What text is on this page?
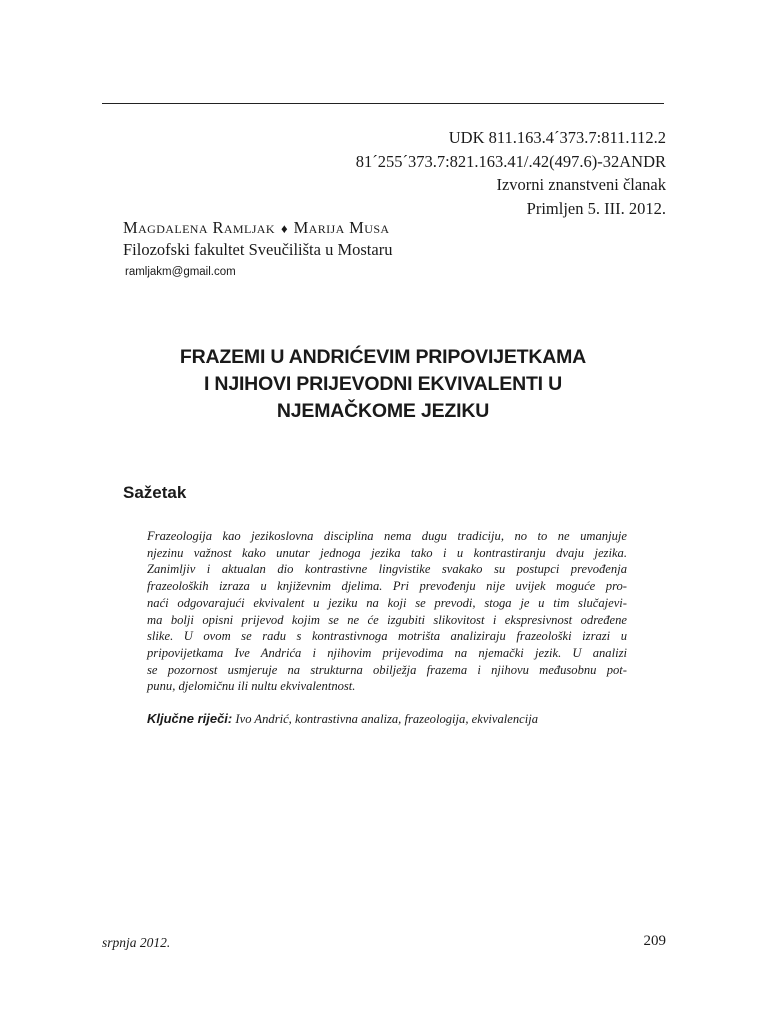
UDK 811.163.4´373.7:811.112.2
81´255´373.7:821.163.41/.42(497.6)-32ANDR
Izvorni znanstveni članak
Primljen 5. III. 2012.
Magdalena Ramljak ♦ Marija Musa
Filozofski fakultet Sveučilišta u Mostaru
ramljakm@gmail.com
FRAZEMI U ANDRIĆEVIM PRIPOVIJETKAMA
I NJIHOVI PRIJEVODNI EKVIVALENTI U
NJEMAČKOME JEZIKU
Sažetak
Frazeologija kao jezikoslovna disciplina nema dugu tradiciju, no to ne umanjuje
njezinu važnost kako unutar jednoga jezika tako i u kontrastiranju dvaju jezika.
Zanimljiv i aktualan dio kontrastivne lingvistike svakako su postupci prevođenja
frazeoloških izraza u književnim djelima. Pri prevođenju nije uvijek moguće pro-
naći odgovarajući ekvivalent u jeziku na koji se prevodi, stoga je u tim slučajevi-
ma bolji opisni prijevod kojim se ne će izgubiti slikovitost i ekspresivnost određene
slike. U ovom se radu s kontrastivnoga motrišta analiziraju frazeološki izrazi u
pripovijetkama Ive Andrića i njihovim prijevodima na njemački jezik. U analizi
se pozornost usmjeruje na strukturna obilježja frazema i njihovu međusobnu pot-
punu, djelomičnu ili nultu ekvivalentnost.
Ključne riječi: Ivo Andrić, kontrastivna analiza, frazeologija, ekvivalencija
srpnja 2012.	209
